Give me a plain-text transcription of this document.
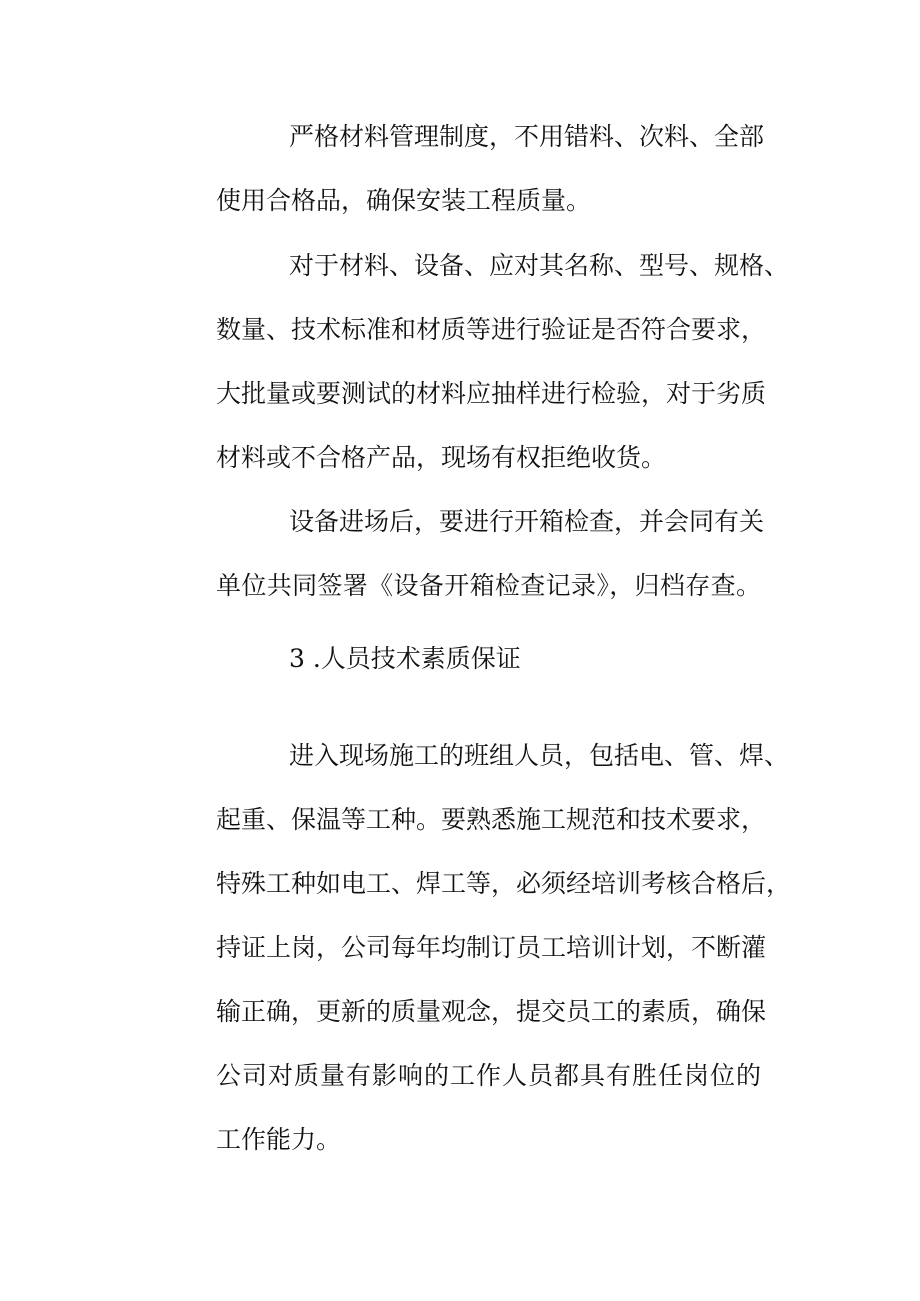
严格材料管理制度，不用错料、次料、全部
使用合格品，确保安装工程质量。
对于材料、设备、应对其名称、型号、规格、
数量、技术标准和材质等进行验证是否符合要求，
大批量或要测试的材料应抽样进行检验，对于劣质
材料或不合格产品，现场有权拒绝收货。
设备进场后，要进行开箱检查，并会同有关
单位共同签署《设备开箱检查记录》，归档存查。
3 .人员技术素质保证
进入现场施工的班组人员，包括电、管、焊、
起重、保温等工种。要熟悉施工规范和技术要求，
特殊工种如电工、焊工等，必须经培训考核合格后，
持证上岗，公司每年均制订员工培训计划，不断灌
输正确，更新的质量观念，提交员工的素质，确保
公司对质量有影响的工作人员都具有胜任岗位的
工作能力。
